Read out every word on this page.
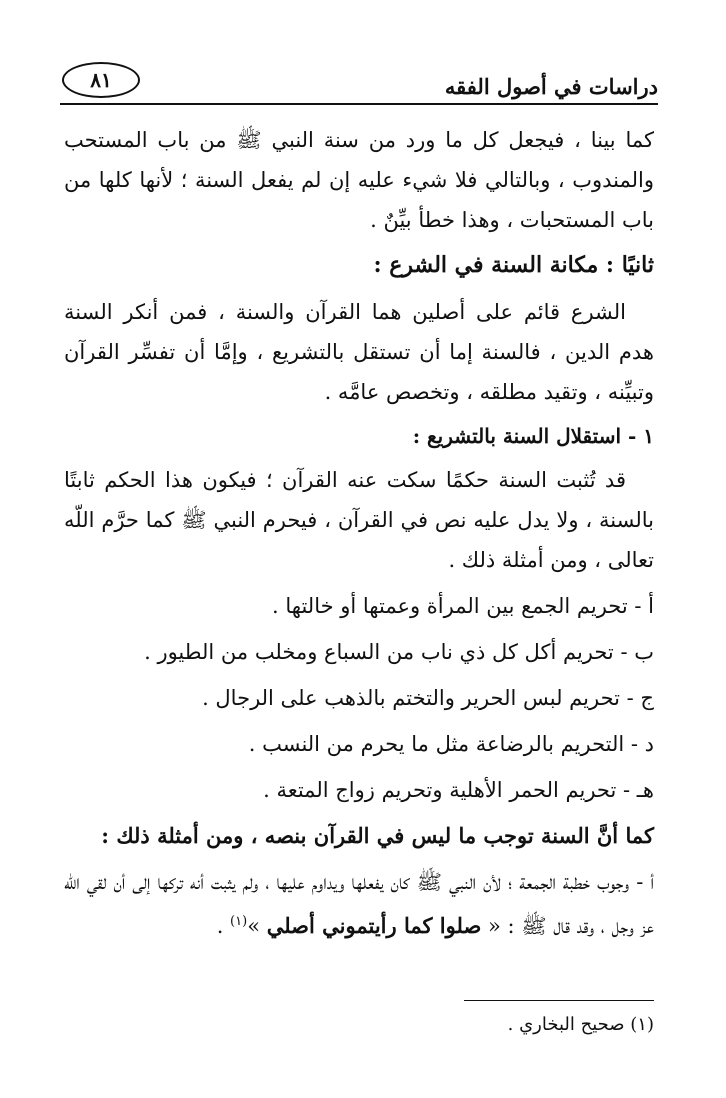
دراسات في أصول الفقه
٨١

كما بينا ، فيجعل كل ما ورد من سنة النبي ﷺ من باب المستحب والمندوب ، وبالتالي فلا شيء عليه إن لم يفعل السنة ؛ لأنها كلها من باب المستحبات ، وهذا خطأ بيِّنٌ .

ثانيًا : مكانة السنة في الشرع :

الشرع قائم على أصلين هما القرآن والسنة ، فمن أنكر السنة هدم الدين ، فالسنة إما أن تستقل بالتشريع ، وإمَّا أن تفسِّر القرآن وتبيِّنه ، وتقيد مطلقه ، وتخصص عامَّه .

١ - استقلال السنة بالتشريع :

قد تُثبت السنة حكمًا سكت عنه القرآن ؛ فيكون هذا الحكم ثابتًا بالسنة ، ولا يدل عليه نص في القرآن ، فيحرم النبي ﷺ كما حرَّم اللّه تعالى ، ومن أمثلة ذلك .

أ - تحريم الجمع بين المرأة وعمتها أو خالتها .
ب - تحريم أكل كل ذي ناب من السباع ومخلب من الطيور .
ج - تحريم لبس الحرير والتختم بالذهب على الرجال .
د - التحريم بالرضاعة مثل ما يحرم من النسب .
هـ - تحريم الحمر الأهلية وتحريم زواج المتعة .
كما أنَّ السنة توجب ما ليس في القرآن بنصه ، ومن أمثلة ذلك :

أ - وجوب خطبة الجمعة ؛ لأن النبي ﷺ كان يفعلها ويداوم عليها ، ولم يثبت أنه تركها إلى أن لقي اللّه عز وجل ، وقد قال ﷺ : « صلوا كما رأيتموني أصلي »$^{(١)}$ .

(١) صحيح البخاري .
